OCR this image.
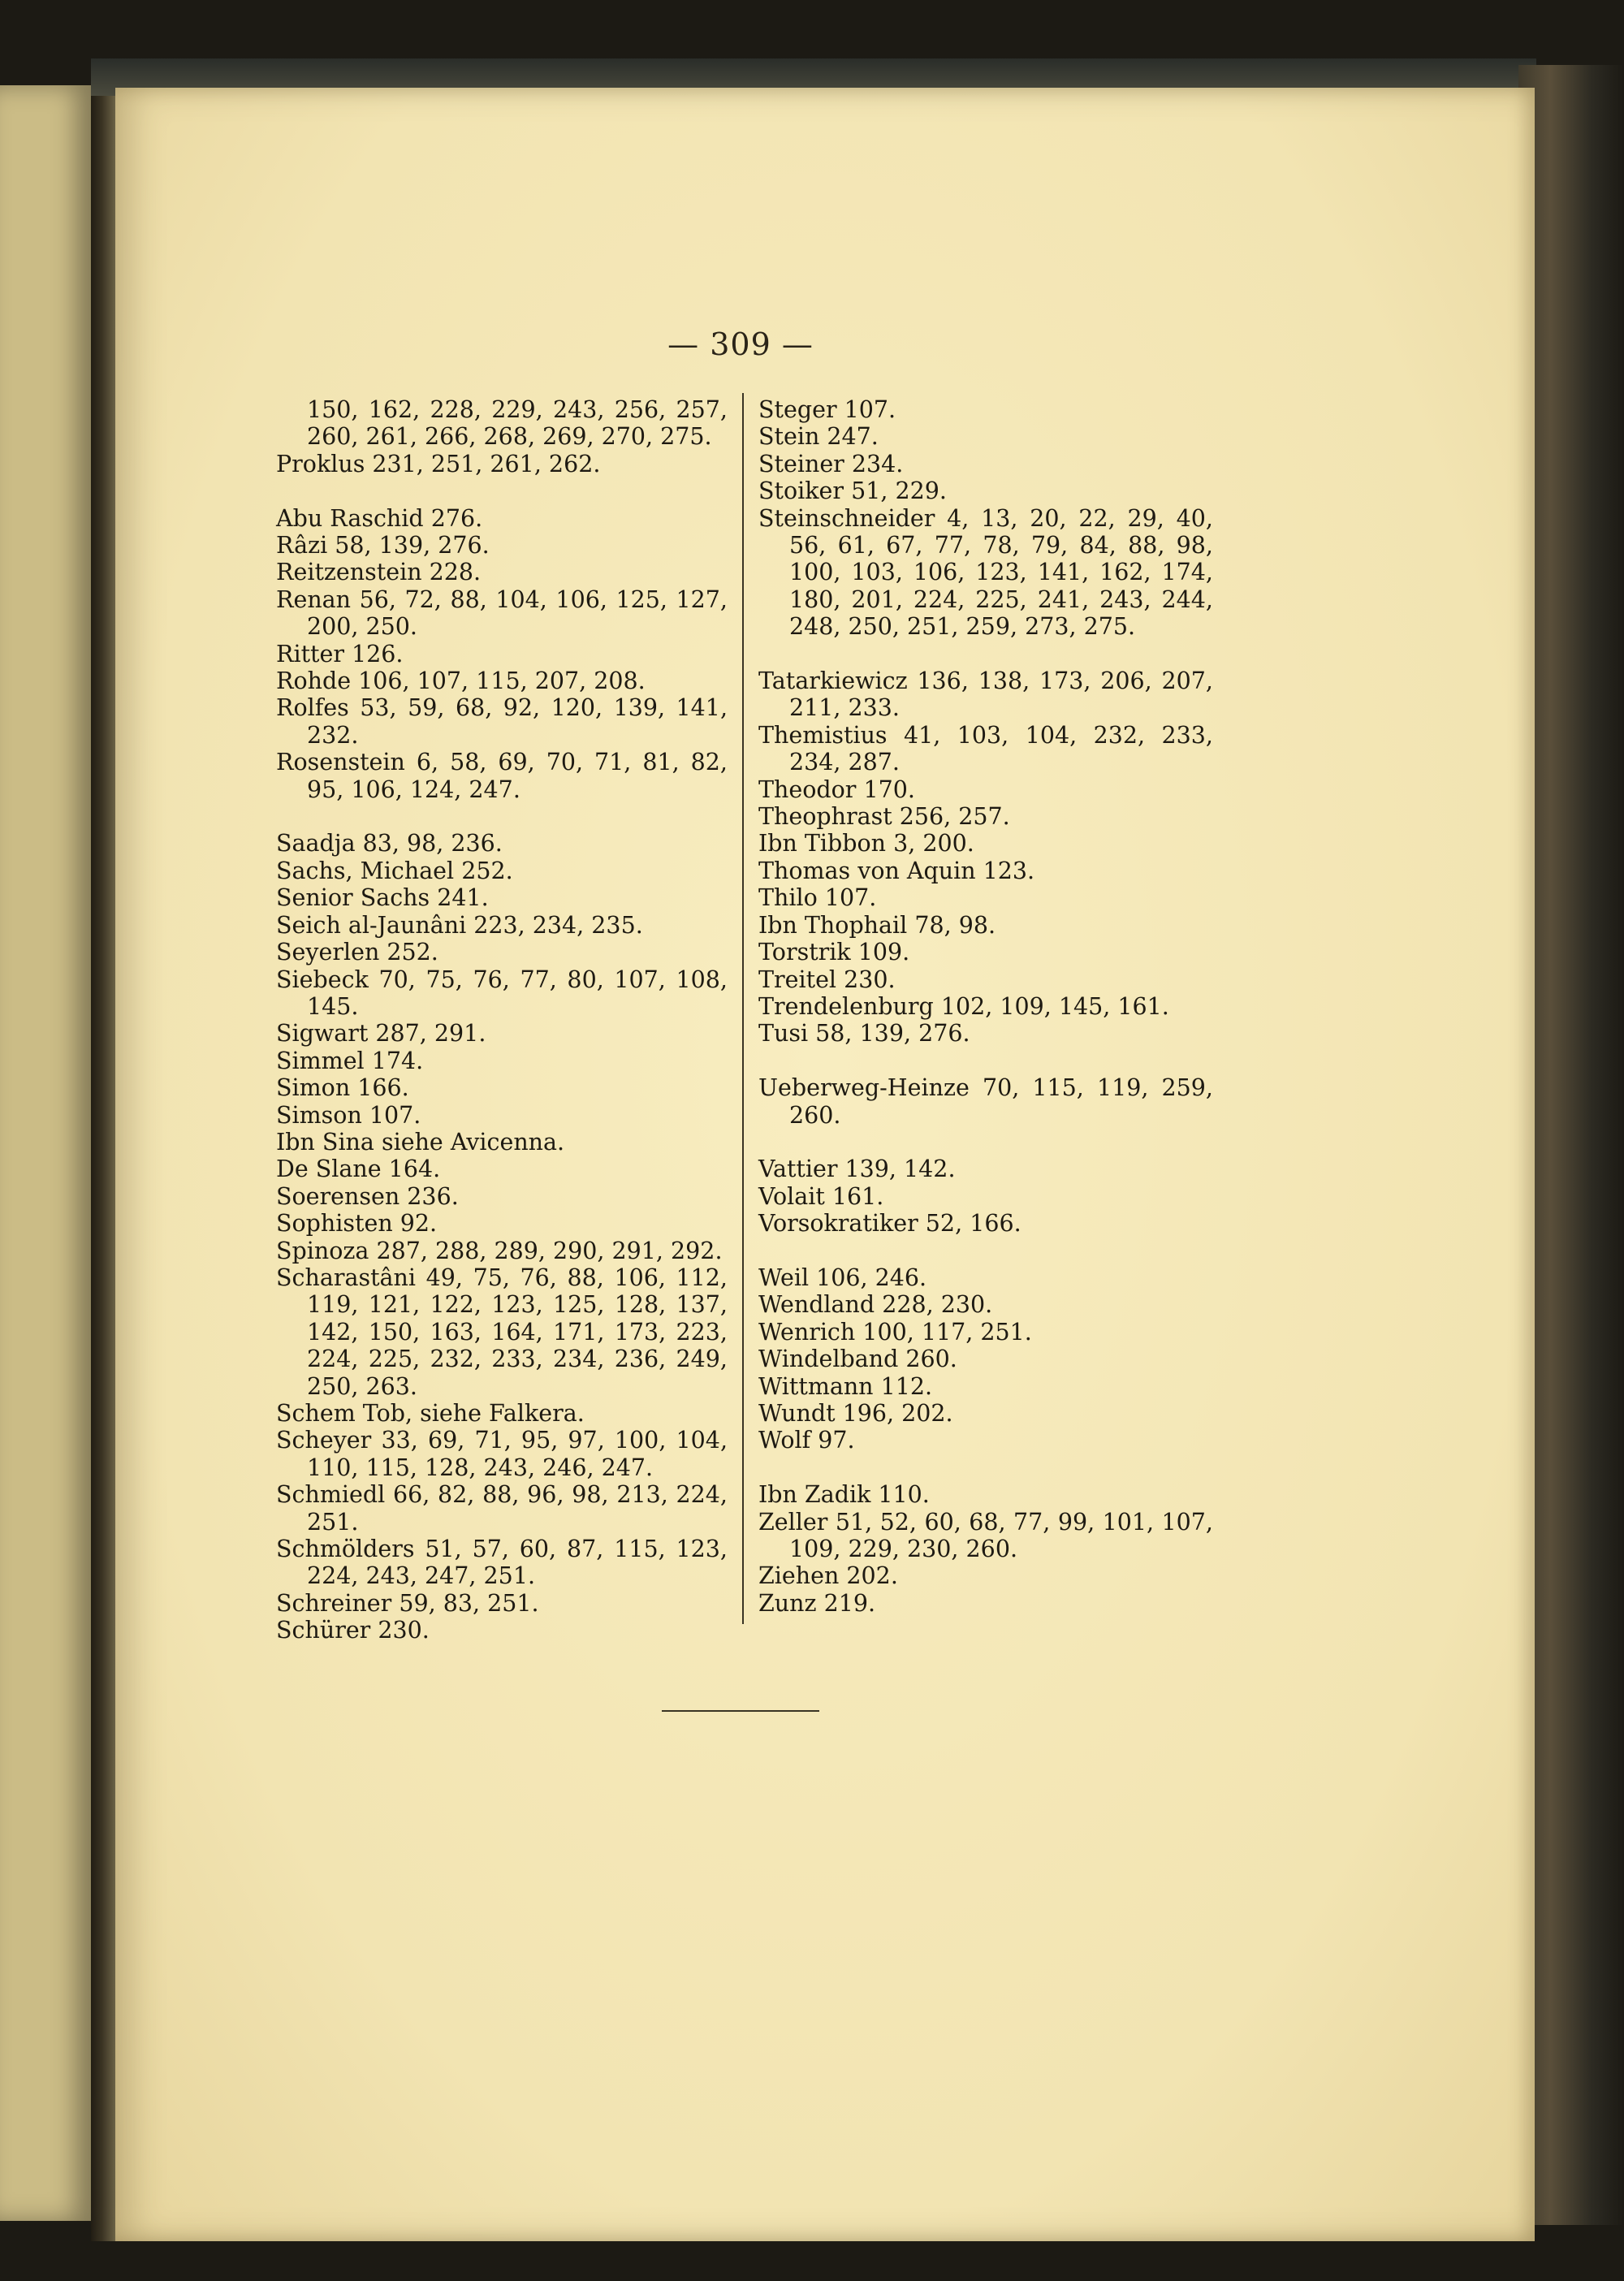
— 309 —

150, 162, 228, 229, 243, 256, 257, 260, 261, 266, 268, 269, 270, 275.

Proklus 231, 251, 261, 262.

Abu Raschid 276.

Râzi 58, 139, 276.

Reitzenstein 228.

Renan 56, 72, 88, 104, 106, 125, 127, 200, 250.

Ritter 126.

Rohde 106, 107, 115, 207, 208.

Rolfes 53, 59, 68, 92, 120, 139, 141, 232.

Rosenstein 6, 58, 69, 70, 71, 81, 82, 95, 106, 124, 247.

Saadja 83, 98, 236.

Sachs, Michael 252.

Senior Sachs 241.

Seich al-Jaunâni 223, 234, 235.

Seyerlen 252.

Siebeck 70, 75, 76, 77, 80, 107, 108, 145.

Sigwart 287, 291.

Simmel 174.

Simon 166.

Simson 107.

Ibn Sina siehe Avicenna.

De Slane 164.

Soerensen 236.

Sophisten 92.

Spinoza 287, 288, 289, 290, 291, 292.

Scharastâni 49, 75, 76, 88, 106, 112, 119, 121, 122, 123, 125, 128, 137, 142, 150, 163, 164, 171, 173, 223, 224, 225, 232, 233, 234, 236, 249, 250, 263.

Schem Tob, siehe Falkera.

Scheyer 33, 69, 71, 95, 97, 100, 104, 110, 115, 128, 243, 246, 247.

Schmiedl 66, 82, 88, 96, 98, 213, 224, 251.

Schmölders 51, 57, 60, 87, 115, 123, 224, 243, 247, 251.

Schreiner 59, 83, 251.

Schürer 230.

Steger 107.

Stein 247.

Steiner 234.

Stoiker 51, 229.

Steinschneider 4, 13, 20, 22, 29, 40, 56, 61, 67, 77, 78, 79, 84, 88, 98, 100, 103, 106, 123, 141, 162, 174, 180, 201, 224, 225, 241, 243, 244, 248, 250, 251, 259, 273, 275.

Tatarkiewicz 136, 138, 173, 206, 207, 211, 233.

Themistius 41, 103, 104, 232, 233, 234, 287.

Theodor 170.

Theophrast 256, 257.

Ibn Tibbon 3, 200.

Thomas von Aquin 123.

Thilo 107.

Ibn Thophail 78, 98.

Torstrik 109.

Treitel 230.

Trendelenburg 102, 109, 145, 161.

Tusi 58, 139, 276.

Ueberweg-Heinze 70, 115, 119, 259, 260.

Vattier 139, 142.

Volait 161.

Vorsokratiker 52, 166.

Weil 106, 246.

Wendland 228, 230.

Wenrich 100, 117, 251.

Windelband 260.

Wittmann 112.

Wundt 196, 202.

Wolf 97.

Ibn Zadik 110.

Zeller 51, 52, 60, 68, 77, 99, 101, 107, 109, 229, 230, 260.

Ziehen 202.

Zunz 219.
